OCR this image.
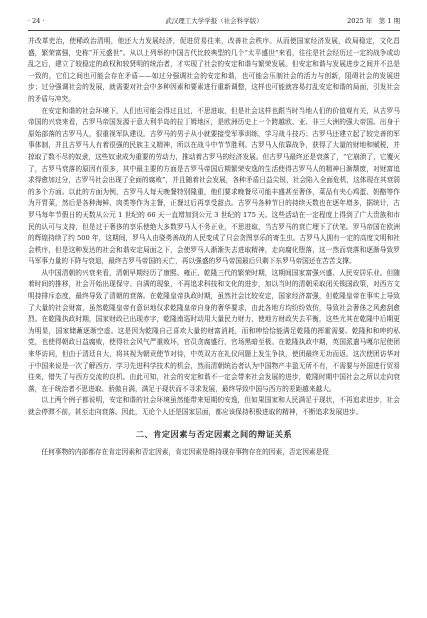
· 24 ·	武汉理工大学学报（社会科学版）	2025 年　第 1 期

并改革吏治，使稀政治清明，他还大力发展经济，促进贸易往来，改善社会秩序。从而使国家经济发展，政局稳定，文化昌盛，繁荣富强，史称“开元盛世”。从以上列举的中国古代比较典型的几个“太平盛世”来看，往往是社会经历过一定的战争或动乱之后，建立了较稳定的政权和较贤明的统治者，才实现了社会的安定和谐与繁荣发展。但安定和谐与发展进步之间并不总是一致的，它们之间也可能会存在矛盾——如过分强调社会的安定和谐，也可能会压制社会的活力与创新，阻碍社会的发展进步；过分强调社会的发展，就需要对社会中多种因素和要素进行重新调整，这样也可能就容易打乱安定和谐的局面，引发社会的矛盾与冲突。

在安定和谐的社会环境下，人们也可能会得过且过，不思进取，但是社会这样也跟当时当地人们的价值观有关，从古罗马帝国的兴衰来看，古罗马帝国发源于意大利半岛的拉丁姆地区，是欧洲历史上一个跨越欧、亚、非三大洲的强大帝国。出身于原始部落的古罗马人，很重视军队建设。古罗马的男子从小就要接受军事训练，学习战斗技巧；古罗马还建立起了较完善的军事体制，并且古罗马人有着很强的民族主义精神，所以在战斗中节节胜利。古罗马人依靠战争，获得了大量的财地和赋税，并掠取了数不尽的奴隶，这些奴隶成为重要的劳动力，推动着古罗马的经济发展。但古罗马最终还是衰落了，“它崩溃了，它覆灭了，古罗马衰落的原因有很多，其中最主要的方面是古罗马帝国后期繁荣安逸的生活使得古罗马人的精神日渐颓废，对财富追求得愈加过分，古罗马社会出现了全面的腐败”，并且随着社会发展，各种矛盾日益尖锐，社会陷入全面危机，这体现在其衰弱的多个方面。以此的方面为例，古罗马人每天晚餐特别隆重，他们要求晚餐尽可能丰盛甚至奢侈，菜品有夹心鸡蛋、奶酪等作为开胃菜，然后是各种海鲜、肉类等作为主餐，正餐过后再享受甜点。古罗马各种节日的持续天数也在逐年增多，据统计，古罗马每年节假日的天数从公元 1 世纪的 66 天一直增加到公元 3 世纪的 175 天。这些活动在一定程度上得到了广大贵族和市民的认可与支持，但是过于奢侈的享乐使绝大多数罗马人不务正业，不思进取，当古罗马的衰亡埋下了伏笔。罗马帝国在欧洲的辉煌持续了约 500 年，这期间，罗马人由骁勇善战的人民变成了只会贪图享乐的寄生虫。古罗马人拥有一定的高度文明和社会秩序，但是这种发达的社会和谐安定局面之下，会使罗马人渐渐失去进取精神，走向腐化堕落，这一然而衰落和逐渐导致罗马军事力量的下降与衰退，最终古罗马帝国的天亡，再以强盛的罗马帝国最后只剩下东罗马帝国还在苦苦支撑。

从中国清朝的兴衰来看，清朝早期经历了康熙、雍正、乾隆三代的繁荣时期，这期间国家富强兴盛、人民安居乐业。但随着时间的推移，社会开始出现保守、自满的现象，不再追求科技和文化的进步，加以当时的清朝采取闭关锁国政策，对西方文明持排斥态度，最终导致了清朝的衰落。在乾隆皇帝执政时期，虽然社会比较安定，国家经济富强，但乾隆皇帝在事实上导致了大量的社会财富，虽然乾隆皇帝有意识地仅求乾隆皇帝自身的奢华要求，由此各地方均纷纷效仿，导致社会奢侈之风愈刮愈烈。在乾隆执政时期，国家财政已出现赤字，乾隆南巡时动用大量民力财力，使地方财政失去平衡，这些尤其在乾隆中后期更为明显，国家储蓄逐渐空虚。这是因为乾隆自己喜欢大量的财富消耗，而和珅恰恰能满足乾隆的挥霍需要。乾隆和和珅的私党，也使得朝政日益腐败，使得社会风气严重败坏，官员贪腐盛行，官场黑暗至极。在乾隆执政中期，英国派遣马嘎尔尼使团来华访问，但由于清廷自大，将其视为朝贡使节对待，中英双方在礼仪问题上发生争执，使团最终无功而返。这次使团访华对于中国来说是一次了解西方、学习先进科学技术的机会，然而清朝统治者认为中国物产丰盈无所不有，不需要与外国进行贸易往来，错失了与西方交流的良机。由此可知，社会的安定和谐不一定会带来社会发展的进步，乾隆时期中国社会之所以走向衰落，在于统治者不思进取、骄傲自满，满足于现状而不寻求发展，最终导致中国与西方的差距越来越大。

以上两个例子都说明，安定和谐的社会环境虽然能带来短期的安逸，但如果国家和人民满足于现状，不再追求进步，社会就会停滞不前，甚至走向衰落。因此，无论个人还是国家层面，都应该保持积极进取的精神，不断追求发展进步。

二、肯定因素与否定因素之间的辩证关系

任何事物的内部都存在肯定因素和否定因素，肯定因素是维持现存事物存在的因素，否定因素是促
